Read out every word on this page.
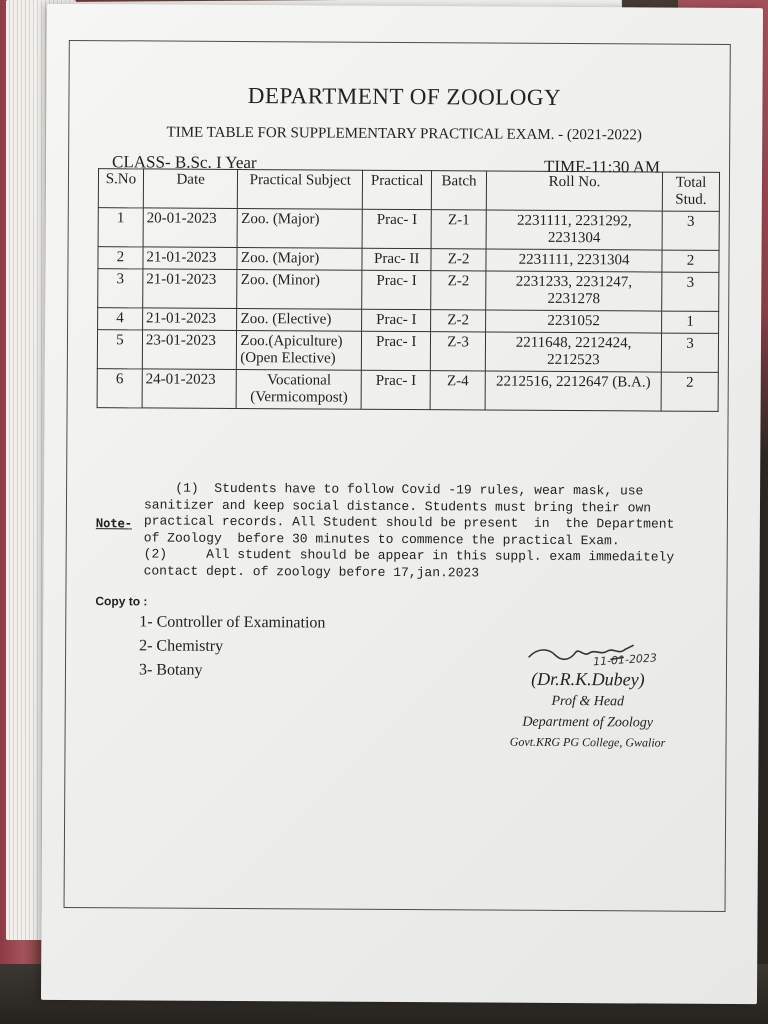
DEPARTMENT OF ZOOLOGY
TIME TABLE FOR SUPPLEMENTARY PRACTICAL EXAM. - (2021-2022)
CLASS- B.Sc. I Year	TIME-11:30 AM
S.No	Date	Practical Subject	Practical	Batch	Roll No.	Total Stud.
1	20-01-2023	Zoo. (Major)	Prac- I	Z-1	2231111, 2231292, 2231304	3
2	21-01-2023	Zoo. (Major)	Prac- II	Z-2	2231111, 2231304	2
3	21-01-2023	Zoo. (Minor)	Prac- I	Z-2	2231233, 2231247, 2231278	3
4	21-01-2023	Zoo. (Elective)	Prac- I	Z-2	2231052	1
5	23-01-2023	Zoo.(Apiculture) (Open Elective)	Prac- I	Z-3	2211648, 2212424, 2212523	3
6	24-01-2023	Vocational (Vermicompost)	Prac- I	Z-4	2212516, 2212647 (B.A.)	2
Note-
(1)  Students have to follow Covid -19 rules, wear mask, use
sanitizer and keep social distance. Students must bring their own
practical records. All Student should be present  in  the Department
of Zoology  before 30 minutes to commence the practical Exam.
(2)     All student should be appear in this suppl. exam immedaitely
contact dept. of zoology before 17,jan.2023
Copy to :
1- Controller of Examination
2- Chemistry
3- Botany
11-01-2023
(Dr.R.K.Dubey)
Prof & Head
Department of Zoology
Govt.KRG PG College, Gwalior
